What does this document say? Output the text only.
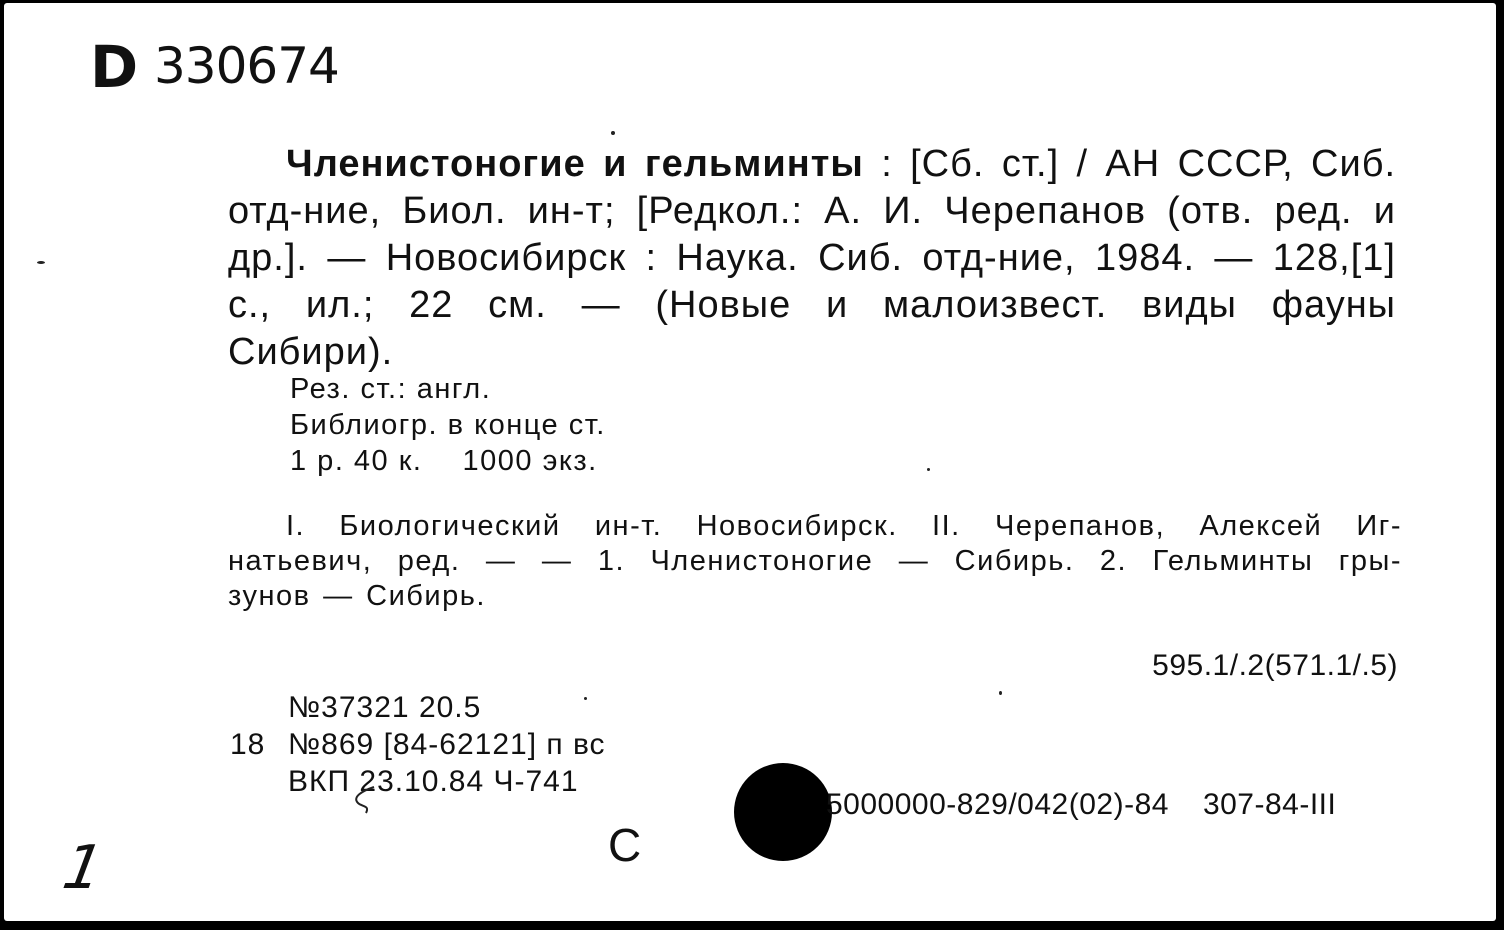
D 330674
Членистоногие и гельминты : [Сб. ст.] / АН СССР, Сиб. отд-ние, Биол. ин-т; [Редкол.: А. И. Черепанов (отв. ред. и др.]. — Новосибирск : Наука. Сиб. отд-ние, 1984. — 128,[1] с., ил.; 22 см. — (Новые и малоизвест. виды фауны Сибири).
Рез. ст.: англ.
Библиогр. в конце ст.
1 р. 40 к. 1000 экз.
I. Биологический ин-т. Новосибирск. II. Черепанов, Алексей Иг-
натьевич, ред. — — 1. Членистоногие — Сибирь. 2. Гельминты гры-
зунов — Сибирь.
595.1/.2(571.1/.5)
№37321 20.5
18 №869 [84-62121] п вс
ВКП 23.10.84 Ч-741
5000000-829/042(02)-84 307-84-III
С
1
